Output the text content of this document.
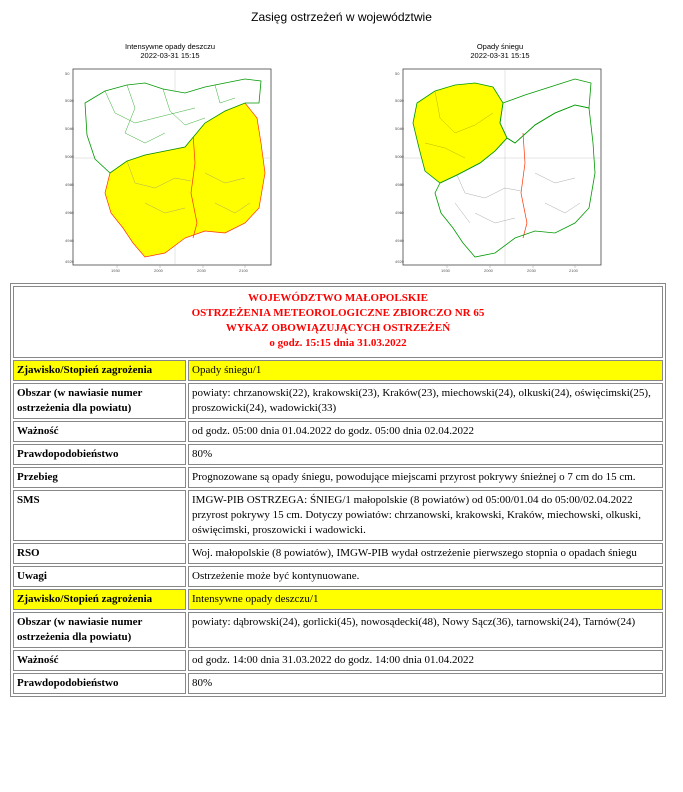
Zasięg ostrzeżeń w województwie
Intensywne opady deszczu
2022-03-31 15:15
50
5020
5040
5000
4980
4960
4940
4920
1930	2000	2030	2100
Opady śniegu
2022-03-31 15:15
50
5020
5040
5000
4980
4960
4940
4920
1930	2000	2030	2100
WOJEWÓDZTWO MAŁOPOLSKIE
OSTRZEŻENIA METEOROLOGICZNE ZBIORCZO NR 65
WYKAZ OBOWIĄZUJĄCYCH OSTRZEŻEŃ
o godz. 15:15 dnia 31.03.2022	

Zjawisko/Stopień zagrożenia	Opady śniegu/1
Obszar (w nawiasie numer ostrzeżenia dla powiatu)	powiaty: chrzanowski(22), krakowski(23), Kraków(23), miechowski(24), olkuski(24), oświęcimski(25), proszowicki(24), wadowicki(33)
Ważność	od godz. 05:00 dnia 01.04.2022 do godz. 05:00 dnia 02.04.2022
Prawdopodobieństwo	80%
Przebieg	Prognozowane są opady śniegu, powodujące miejscami przyrost pokrywy śnieżnej o 7 cm do 15 cm.
SMS	IMGW-PIB OSTRZEGA: ŚNIEG/1 małopolskie (8 powiatów) od 05:00/01.04 do 05:00/02.04.2022 przyrost pokrywy 15 cm. Dotyczy powiatów: chrzanowski, krakowski, Kraków, miechowski, olkuski, oświęcimski, proszowicki i wadowicki.
RSO	Woj. małopolskie (8 powiatów), IMGW-PIB wydał ostrzeżenie pierwszego stopnia o opadach śniegu
Uwagi	Ostrzeżenie może być kontynuowane.
Zjawisko/Stopień zagrożenia	Intensywne opady deszczu/1
Obszar (w nawiasie numer ostrzeżenia dla powiatu)	powiaty: dąbrowski(24), gorlicki(45), nowosądecki(48), Nowy Sącz(36), tarnowski(24), Tarnów(24)
Ważność	od godz. 14:00 dnia 31.03.2022 do godz. 14:00 dnia 01.04.2022
Prawdopodobieństwo	80%
